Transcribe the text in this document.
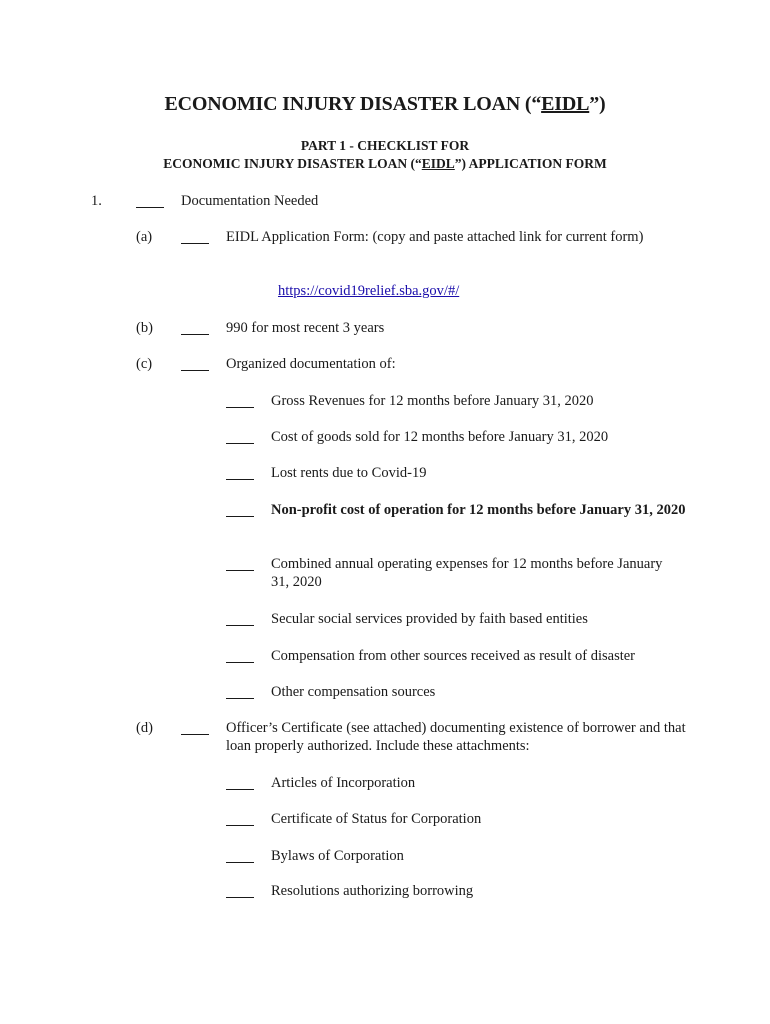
ECONOMIC INJURY DISASTER LOAN (“EIDL”)
PART 1 - CHECKLIST FOR
ECONOMIC INJURY DISASTER LOAN (“EIDL”) APPLICATION FORM
1.	Documentation Needed
(a)	EIDL Application Form: (copy and paste attached link for current form)
https://covid19relief.sba.gov/#/
(b)	990 for most recent 3 years
(c)	Organized documentation of:
Gross Revenues for 12 months before January 31, 2020
Cost of goods sold for 12 months before January 31, 2020
Lost rents due to Covid-19
Non-profit cost of operation for 12 months before January 31, 2020
Combined annual operating expenses for 12 months before January 31, 2020
Secular social services provided by faith based entities
Compensation from other sources received as result of disaster
Other compensation sources
(d)	Officer’s Certificate (see attached) documenting existence of borrower and that loan properly authorized. Include these attachments:
Articles of Incorporation
Certificate of Status for Corporation
Bylaws of Corporation
Resolutions authorizing borrowing
